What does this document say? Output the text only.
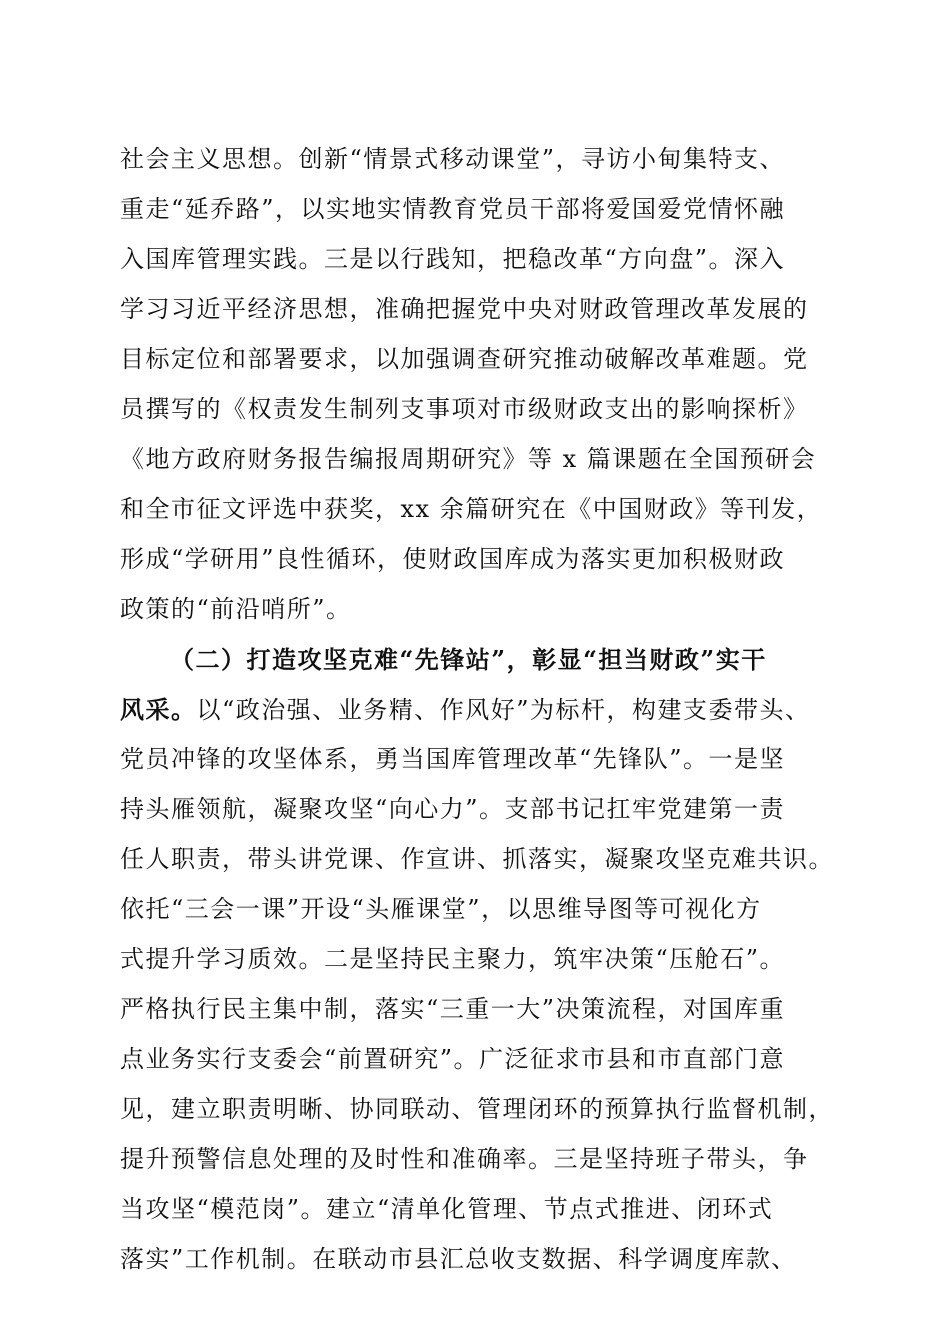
社会主义思想。创新“情景式移动课堂”，寻访小甸集特支、
重走“延乔路”，以实地实情教育党员干部将爱国爱党情怀融
入国库管理实践。三是以行践知，把稳改革“方向盘”。深入
学习习近平经济思想，准确把握党中央对财政管理改革发展的
目标定位和部署要求，以加强调查研究推动破解改革难题。党
员撰写的《权责发生制列支事项对市级财政支出的影响探析》
《地方政府财务报告编报周期研究》等 x 篇课题在全国预研会
和全市征文评选中获奖，xx 余篇研究在《中国财政》等刊发，
形成“学研用”良性循环，使财政国库成为落实更加积极财政
政策的“前沿哨所”。
（二）打造攻坚克难“先锋站”，彰显“担当财政”实干
风采。以“政治强、业务精、作风好”为标杆，构建支委带头、
党员冲锋的攻坚体系，勇当国库管理改革“先锋队”。一是坚
持头雁领航，凝聚攻坚“向心力”。支部书记扛牢党建第一责
任人职责，带头讲党课、作宣讲、抓落实，凝聚攻坚克难共识。
依托“三会一课”开设“头雁课堂”，以思维导图等可视化方
式提升学习质效。二是坚持民主聚力，筑牢决策“压舱石”。
严格执行民主集中制，落实“三重一大”决策流程，对国库重
点业务实行支委会“前置研究”。广泛征求市县和市直部门意
见，建立职责明晰、协同联动、管理闭环的预算执行监督机制，
提升预警信息处理的及时性和准确率。三是坚持班子带头，争
当攻坚“模范岗”。建立“清单化管理、节点式推进、闭环式
落实”工作机制。在联动市县汇总收支数据、科学调度库款、
